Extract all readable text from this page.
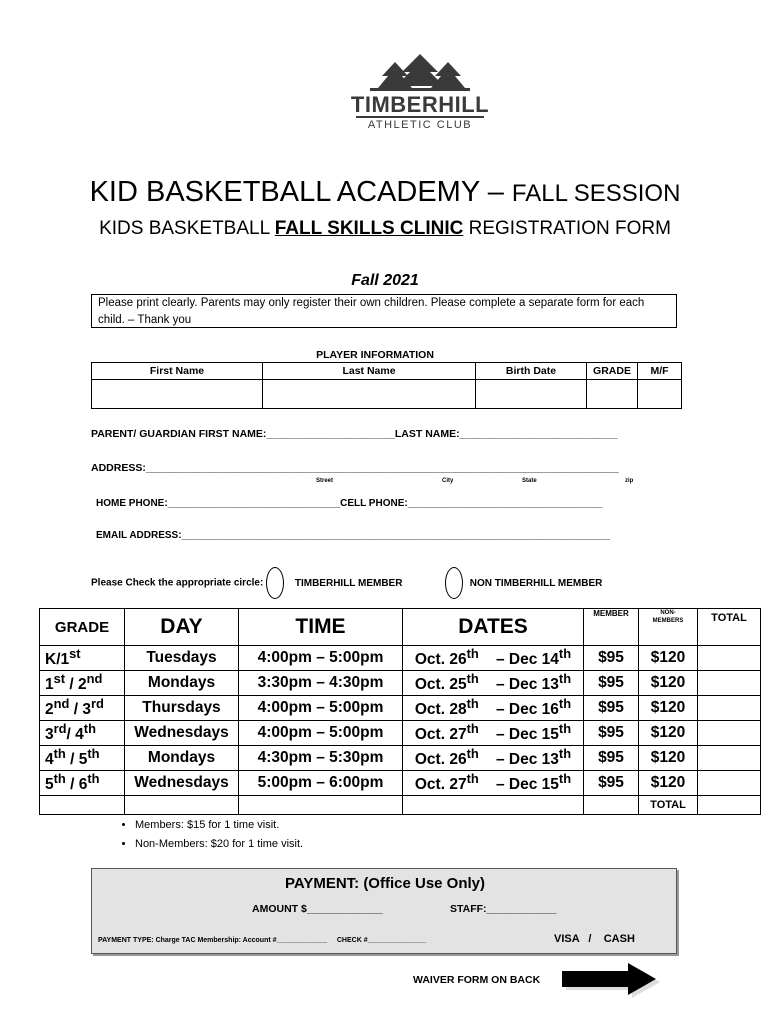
TIMBERHILL
ATHLETIC CLUB
KID BASKETBALL ACADEMY – FALL SESSION
KIDS BASKETBALL FALL SKILLS CLINIC REGISTRATION FORM
Fall 2021
Please print clearly. Parents may only register their own children. Please complete a separate form for each child. – Thank you
PLAYER INFORMATION
First Name	Last Name	Birth Date	GRADE	M/F

PARENT/ GUARDIAN FIRST NAME:______________________LAST NAME:___________________________
ADDRESS:_________________________________________________________________________________
Street	City	State	zip
HOME PHONE:_______________________________CELL PHONE:___________________________________
EMAIL ADDRESS:_____________________________________________________________________________
Please Check the appropriate circle:	TIMBERHILL MEMBER	NON TIMBERHILL MEMBER
GRADE	DAY	TIME	DATES	MEMBER	NON-
MEMBERS	TOTAL
K/1st	Tuesdays	4:00pm – 5:00pm	Oct. 26th – Dec 14th	$95	$120	
1st / 2nd	Mondays	3:30pm – 4:30pm	Oct. 25th – Dec 13th	$95	$120	
2nd / 3rd	Thursdays	4:00pm – 5:00pm	Oct. 28th – Dec 16th	$95	$120	
3rd/ 4th	Wednesdays	4:00pm – 5:00pm	Oct. 27th – Dec 15th	$95	$120	
4th / 5th	Mondays	4:30pm – 5:30pm	Oct. 26th – Dec 13th	$95	$120	
5th / 6th	Wednesdays	5:00pm – 6:00pm	Oct. 27th – Dec 15th	$95	$120	
					TOTAL	
• Members: $15 for 1 time visit.
• Non-Members: $20 for 1 time visit.
PAYMENT: (Office Use Only)
AMOUNT $_____________	STAFF:____________
PAYMENT TYPE: Charge TAC Membership: Account #_____________     CHECK #_______________	VISA   /    CASH
WAIVER FORM ON BACK
